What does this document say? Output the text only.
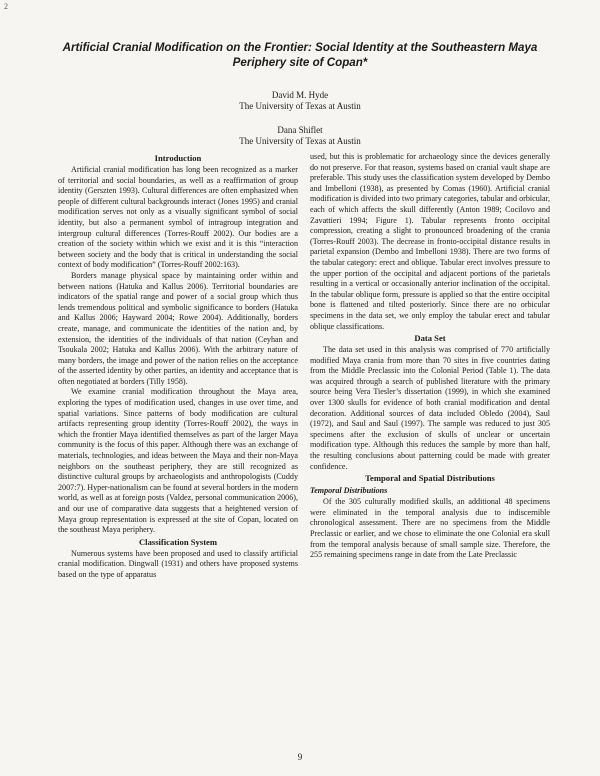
2
Artificial Cranial Modification on the Frontier: Social Identity at the Southeastern Maya Periphery site of Copan*
David M. Hyde
The University of Texas at Austin
Dana Shiflet
The University of Texas at Austin
Introduction

Artificial cranial modification has long been recognized as a marker of territorial and social boundaries, as well as a reaffirmation of group identity (Gerszten 1993). Cultural differences are often emphasized when people of different cultural backgrounds interact (Jones 1995) and cranial modification serves not only as a visually significant symbol of social identity, but also a permanent symbol of intragroup integration and intergroup cultural differences (Torres-Rouff 2002). Our bodies are a creation of the society within which we exist and it is this “interaction between society and the body that is critical in understanding the social context of body modification” (Torres-Rouff 2002:163).

Borders manage physical space by maintaining order within and between nations (Hatuka and Kallus 2006). Territorial boundaries are indicators of the spatial range and power of a social group which thus lends tremendous political and symbolic significance to borders (Hatuka and Kallus 2006; Hayward 2004; Rowe 2004). Additionally, borders create, manage, and communicate the identities of the nation and, by extension, the identities of the individuals of that nation (Ceyhan and Tsoukala 2002; Hatuka and Kallus 2006). With the arbitrary nature of many borders, the image and power of the nation relies on the acceptance of the asserted identity by other parties, an identity and acceptance that is often negotiated at borders (Tilly 1958).

We examine cranial modification throughout the Maya area, exploring the types of modification used, changes in use over time, and spatial variations. Since patterns of body modification are cultural artifacts representing group identity (Torres-Rouff 2002), the ways in which the frontier Maya identified themselves as part of the larger Maya community is the focus of this paper. Although there was an exchange of materials, technologies, and ideas between the Maya and their non-Maya neighbors on the southeast periphery, they are still recognized as distinctive cultural groups by archaeologists and anthropologists (Cuddy 2007:7). Hyper-nationalism can be found at several borders in the modern world, as well as at foreign posts (Valdez, personal communication 2006), and our use of comparative data suggests that a heightened version of Maya group representation is expressed at the site of Copan, located on the southeast Maya periphery.

Classification System

Numerous systems have been proposed and used to classify artificial cranial modification. Dingwall (1931) and others have proposed systems based on the type of apparatus

used, but this is problematic for archaeology since the devices generally do not preserve. For that reason, systems based on cranial vault shape are preferable. This study uses the classification system developed by Dembo and Imbelloni (1938), as presented by Comas (1960). Artificial cranial modification is divided into two primary categories, tabular and orbicular, each of which affects the skull differently (Anton 1989; Cocilovo and Zavattieri 1994; Figure 1). Tabular represents fronto occipital compression, creating a slight to pronounced broadening of the crania (Torres-Rouff 2003). The decrease in fronto-occipital distance results in parietal expansion (Dembo and Imbelloni 1938). There are two forms of the tabular category: erect and oblique. Tabular erect involves pressure to the upper portion of the occipital and adjacent portions of the parietals resulting in a vertical or occasionally anterior inclination of the occipital. In the tabular oblique form, pressure is applied so that the entire occipital bone is flattened and tilted posteriorly. Since there are no orbicular specimens in the data set, we only employ the tabular erect and tabular oblique classifications.

Data Set

The data set used in this analysis was comprised of 770 artificially modified Maya crania from more than 70 sites in five countries dating from the Middle Preclassic into the Colonial Period (Table 1). The data was acquired through a search of published literature with the primary source being Vera Tiesler’s dissertation (1999), in which she examined over 1300 skulls for evidence of both cranial modification and dental decoration. Additional sources of data included Obledo (2004), Saul (1972), and Saul and Saul (1997). The sample was reduced to just 305 specimens after the exclusion of skulls of unclear or uncertain modification type. Although this reduces the sample by more than half, the resulting conclusions about patterning could be made with greater confidence.

Temporal and Spatial Distributions
Temporal Distributions

Of the 305 culturally modified skulls, an additional 48 specimens were eliminated in the temporal analysis due to indiscernible chronological assessment. There are no specimens from the Middle Preclassic or earlier, and we chose to eliminate the one Colonial era skull from the temporal analysis because of small sample size. Therefore, the 255 remaining specimens range in date from the Late Preclassic

9
